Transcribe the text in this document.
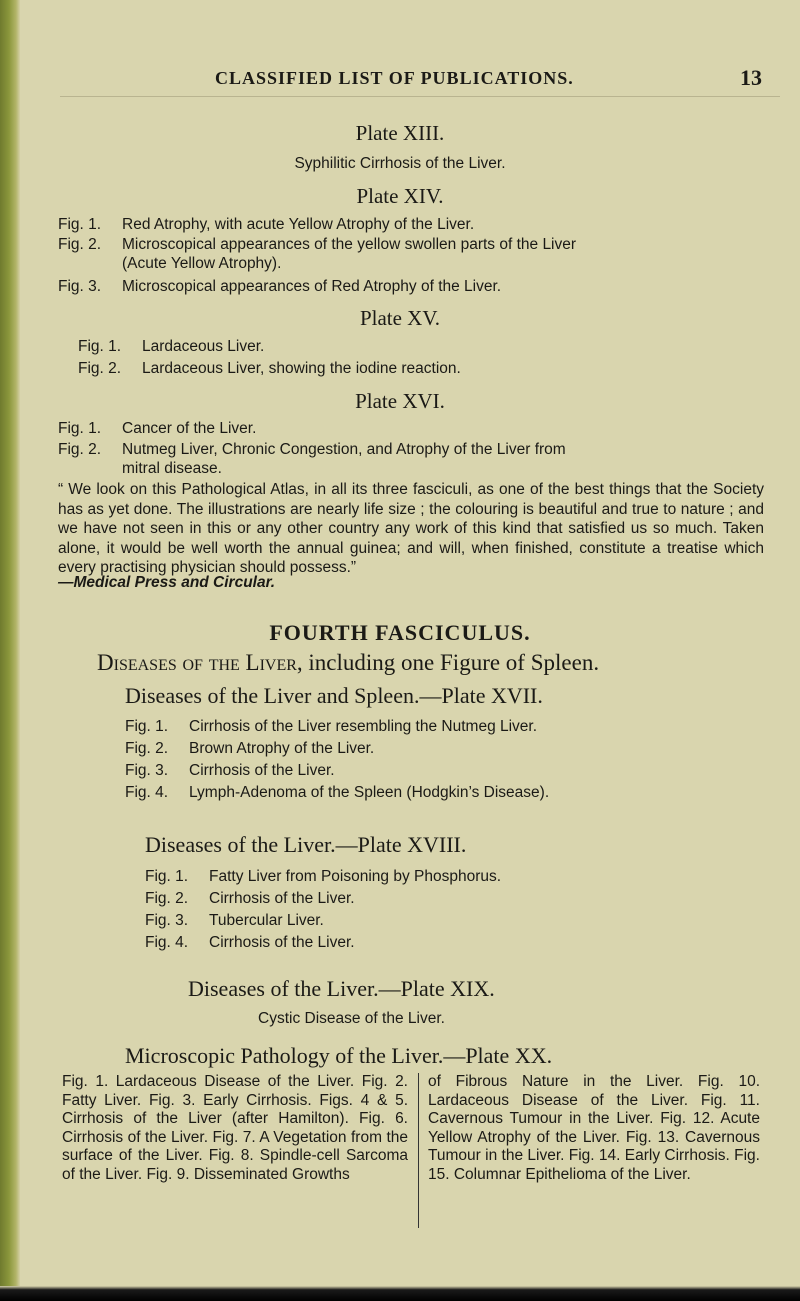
CLASSIFIED LIST OF PUBLICATIONS.	13
Plate XIII.
Syphilitic Cirrhosis of the Liver.
Plate XIV.
Fig. 1. Red Atrophy, with acute Yellow Atrophy of the Liver.
Fig. 2. Microscopical appearances of the yellow swollen parts of the Liver
(Acute Yellow Atrophy).
Fig. 3. Microscopical appearances of Red Atrophy of the Liver.
Plate XV.
Fig. 1. Lardaceous Liver.
Fig. 2. Lardaceous Liver, showing the iodine reaction.
Plate XVI.
Fig. 1. Cancer of the Liver.
Fig. 2. Nutmeg Liver, Chronic Congestion, and Atrophy of the Liver from
mitral disease.
“ We look on this Pathological Atlas, in all its three fasciculi, as one of the best things that the Society has as yet done. The illustrations are nearly life size ; the colouring is beautiful and true to nature ; and we have not seen in this or any other country any work of this kind that satisfied us so much. Taken alone, it would be well worth the annual guinea; and will, when finished, constitute a treatise which every practising physician should possess.”
—Medical Press and Circular.
FOURTH FASCICULUS.
Diseases of the Liver, including one Figure of Spleen.
Diseases of the Liver and Spleen.—Plate XVII.
Fig. 1. Cirrhosis of the Liver resembling the Nutmeg Liver.
Fig. 2. Brown Atrophy of the Liver.
Fig. 3. Cirrhosis of the Liver.
Fig. 4. Lymph-Adenoma of the Spleen (Hodgkin’s Disease).
Diseases of the Liver.—Plate XVIII.
Fig. 1. Fatty Liver from Poisoning by Phosphorus.
Fig. 2. Cirrhosis of the Liver.
Fig. 3. Tubercular Liver.
Fig. 4. Cirrhosis of the Liver.
Diseases of the Liver.—Plate XIX.
Cystic Disease of the Liver.
Microscopic Pathology of the Liver.—Plate XX.
Fig. 1. Lardaceous Disease of the Liver. Fig. 2. Fatty Liver. Fig. 3. Early Cirrhosis. Figs. 4 & 5. Cirrhosis of the Liver (after Hamilton). Fig. 6. Cirrhosis of the Liver. Fig. 7. A Vegetation from the surface of the Liver. Fig. 8. Spindle-cell Sarcoma of the Liver. Fig. 9. Disseminated Growths
of Fibrous Nature in the Liver. Fig. 10. Lardaceous Disease of the Liver. Fig. 11. Cavernous Tumour in the Liver. Fig. 12. Acute Yellow Atrophy of the Liver. Fig. 13. Cavernous Tumour in the Liver. Fig. 14. Early Cirrhosis. Fig. 15. Columnar Epithelioma of the Liver.
